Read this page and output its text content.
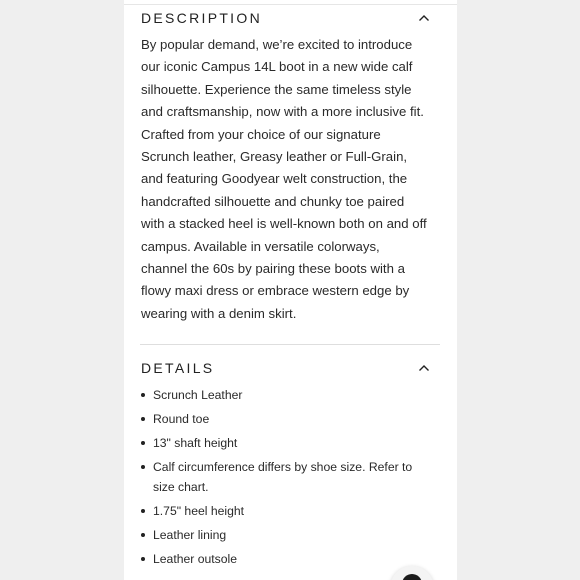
DESCRIPTION
By popular demand, we’re excited to introduce our iconic Campus 14L boot in a new wide calf silhouette. Experience the same timeless style and craftsmanship, now with a more inclusive fit. Crafted from your choice of our signature Scrunch leather, Greasy leather or Full-Grain, and featuring Goodyear welt construction, the handcrafted silhouette and chunky toe paired with a stacked heel is well-known both on and off campus. Available in versatile colorways, channel the 60s by pairing these boots with a flowy maxi dress or embrace western edge by wearing with a denim skirt.
DETAILS
Scrunch Leather
Round toe
13" shaft height
Calf circumference differs by shoe size. Refer to size chart.
1.75" heel height
Leather lining
Leather outsole
